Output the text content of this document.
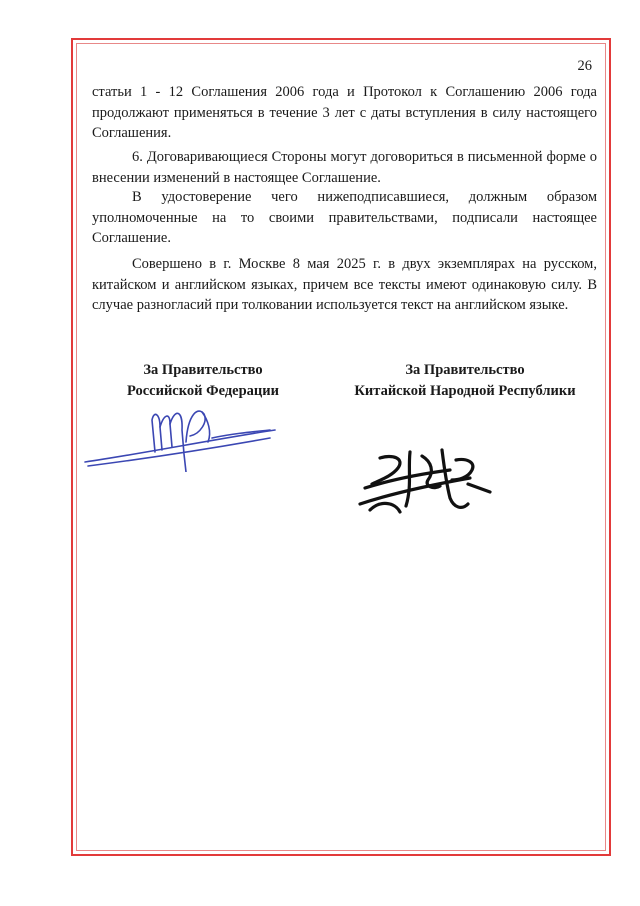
26

статьи 1 - 12 Соглашения 2006 года и Протокол к Соглашению 2006 года продолжают применяться в течение 3 лет с даты вступления в силу настоящего Соглашения.

6. Договаривающиеся Стороны могут договориться в письменной форме о внесении изменений в настоящее Соглашение.

В удостоверение чего нижеподписавшиеся, должным образом уполномоченные на то своими правительствами, подписали настоящее Соглашение.

Совершено в г. Москве 8 мая 2025 г. в двух экземплярах на русском, китайском и английском языках, причем все тексты имеют одинаковую силу. В случае разногласий при толковании используется текст на английском языке.

За Правительство
Российской Федерации
За Правительство
Китайской Народной Республики
